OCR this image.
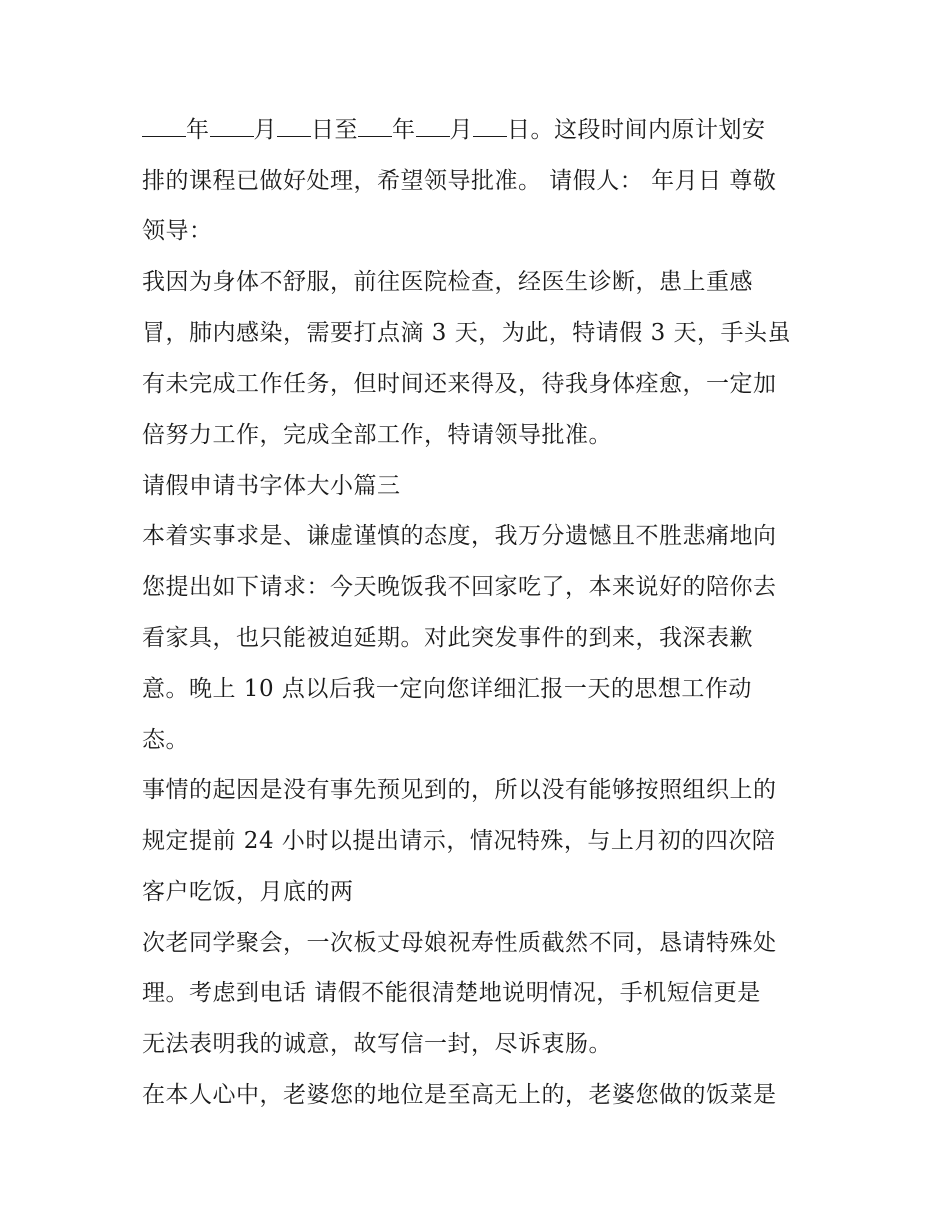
年 月 日至 年 月 日。这段时间内原计划安
排的课程已做好处理，希望领导批准。 请假人： 年月日 尊敬
领导：
我因为身体不舒服，前往医院检查，经医生诊断，患上重感
冒，肺内感染，需要打点滴 3 天，为此，特请假 3 天，手头虽
有未完成工作任务，但时间还来得及，待我身体痊愈，一定加
倍努力工作，完成全部工作，特请领导批准。
请假申请书字体大小篇三
本着实事求是、谦虚谨慎的态度，我万分遗憾且不胜悲痛地向
您提出如下请求：今天晚饭我不回家吃了，本来说好的陪你去
看家具，也只能被迫延期。对此突发事件的到来，我深表歉
意。晚上 10 点以后我一定向您详细汇报一天的思想工作动
态。
事情的起因是没有事先预见到的，所以没有能够按照组织上的
规定提前 24 小时以提出请示，情况特殊，与上月初的四次陪
客户吃饭，月底的两
次老同学聚会，一次板丈母娘祝寿性质截然不同，恳请特殊处
理。考虑到电话 请假不能很清楚地说明情况，手机短信更是
无法表明我的诚意，故写信一封，尽诉衷肠。
在本人心中，老婆您的地位是至高无上的，老婆您做的饭菜是
